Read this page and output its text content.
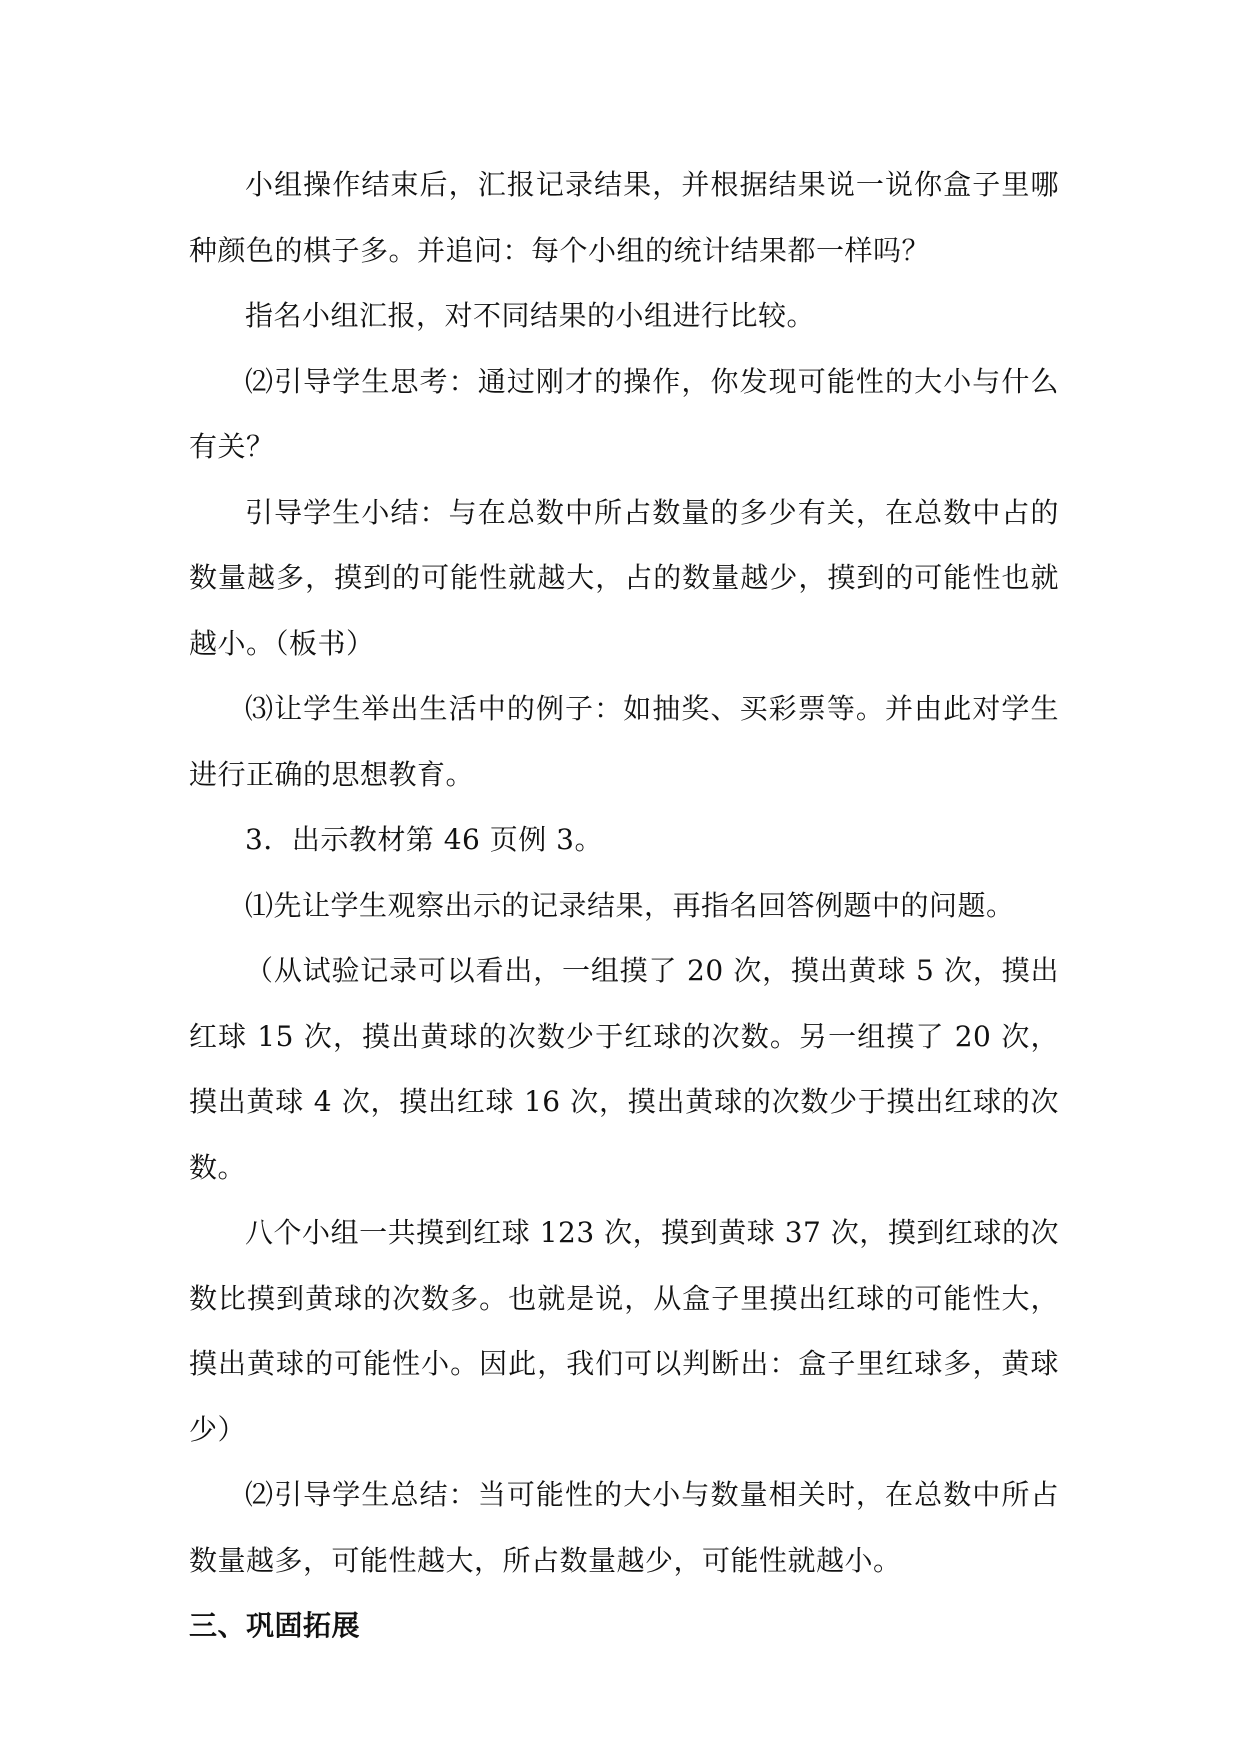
小组操作结束后，汇报记录结果，并根据结果说一说你盒子里哪种颜色的棋子多。并追问：每个小组的统计结果都一样吗？

指名小组汇报，对不同结果的小组进行比较。

⑵引导学生思考：通过刚才的操作，你发现可能性的大小与什么有关？

引导学生小结：与在总数中所占数量的多少有关，在总数中占的数量越多，摸到的可能性就越大，占的数量越少，摸到的可能性也就越小。（板书）

⑶让学生举出生活中的例子：如抽奖、买彩票等。并由此对学生进行正确的思想教育。

3．出示教材第 46 页例 3。

⑴先让学生观察出示的记录结果，再指名回答例题中的问题。

（从试验记录可以看出，一组摸了 20 次，摸出黄球 5 次，摸出红球 15 次，摸出黄球的次数少于红球的次数。另一组摸了 20 次，摸出黄球 4 次，摸出红球 16 次，摸出黄球的次数少于摸出红球的次数。

八个小组一共摸到红球 123 次，摸到黄球 37 次，摸到红球的次数比摸到黄球的次数多。也就是说，从盒子里摸出红球的可能性大，摸出黄球的可能性小。因此，我们可以判断出：盒子里红球多，黄球少）

⑵引导学生总结：当可能性的大小与数量相关时，在总数中所占数量越多，可能性越大，所占数量越少，可能性就越小。

三、巩固拓展
